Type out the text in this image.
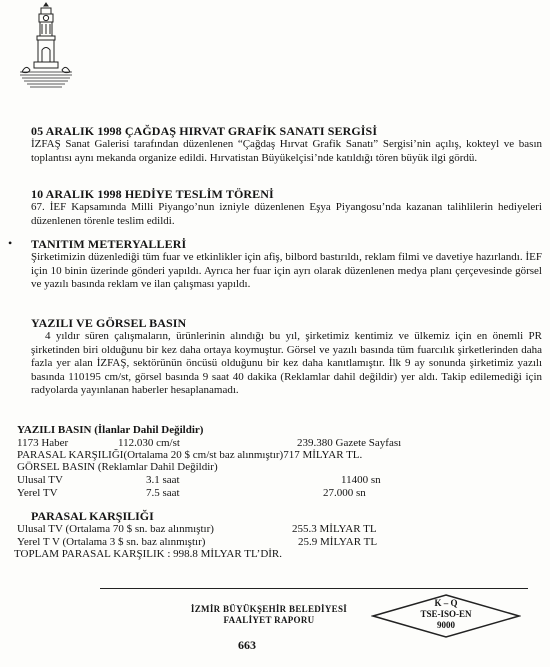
05 ARALIK 1998 ÇAĞDAŞ HIRVAT GRAFİK SANATI SERGİSİ
İZFAŞ Sanat Galerisi tarafından düzenlenen “Çağdaş Hırvat Grafik Sanatı” Sergisi’nin açılış, kokteyl ve basın toplantısı aynı mekanda organize edildi. Hırvatistan Büyükelçisi’nde katıldığı tören büyük ilgi gördü.
10 ARALIK 1998 HEDİYE TESLİM TÖRENİ
67. İEF Kapsamında Milli Piyango’nun izniyle düzenlenen Eşya Piyangosu’nda kazanan talihlilerin hediyeleri düzenlenen törenle teslim edildi.
• TANITIM METERYALLERİ
Şirketimizin düzenlediği tüm fuar ve etkinlikler için afiş, bilbord bastırıldı, reklam filmi ve davetiye hazırlandı. İEF için 10 binin üzerinde gönderi yapıldı. Ayrıca her fuar için ayrı olarak düzenlenen medya planı çerçevesinde görsel ve yazılı basında reklam ve ilan çalışması yapıldı.
YAZILI VE GÖRSEL BASIN
4 yıldır süren çalışmaların, ürünlerinin alındığı bu yıl, şirketimiz kentimiz ve ülkemiz için en önemli PR şirketinden biri olduğunu bir kez daha ortaya koymuştur. Görsel ve yazılı basında tüm fuarcılık şirketlerinden daha fazla yer alan İZFAŞ, sektörünün öncüsü olduğunu bir kez daha kanıtlamıştır. İlk 9 ay sonunda şirketimiz yazılı basında 110195 cm/st, görsel basında 9 saat 40 dakika (Reklamlar dahil değildir) yer aldı. Takip edilemediği için radyolarda yayınlanan haberler hesaplanamadı.
YAZILI BASIN (İlanlar Dahil Değildir)
1173 Haber	112.030 cm/st	239.380 Gazete Sayfası
PARASAL KARŞILIĞI(Ortalama 20 $ cm/st baz alınmıştır)717 MİLYAR TL.
GÖRSEL BASIN (Reklamlar Dahil Değildir)
Ulusal TV	3.1 saat	11400 sn
Yerel TV	7.5 saat	27.000 sn
PARASAL KARŞILIĞI
Ulusal TV (Ortalama 70 $ sn. baz alınmıştır)	255.3 MİLYAR TL
Yerel T V (Ortalama 3 $ sn. baz alınmıştır)	25.9 MİLYAR TL
TOPLAM PARASAL KARŞILIK : 998.8 MİLYAR TL’DİR.
İZMİR BÜYÜKŞEHİR BELEDİYESİ
FAALİYET RAPORU
663
K – Q
TSE-ISO-EN
9000
